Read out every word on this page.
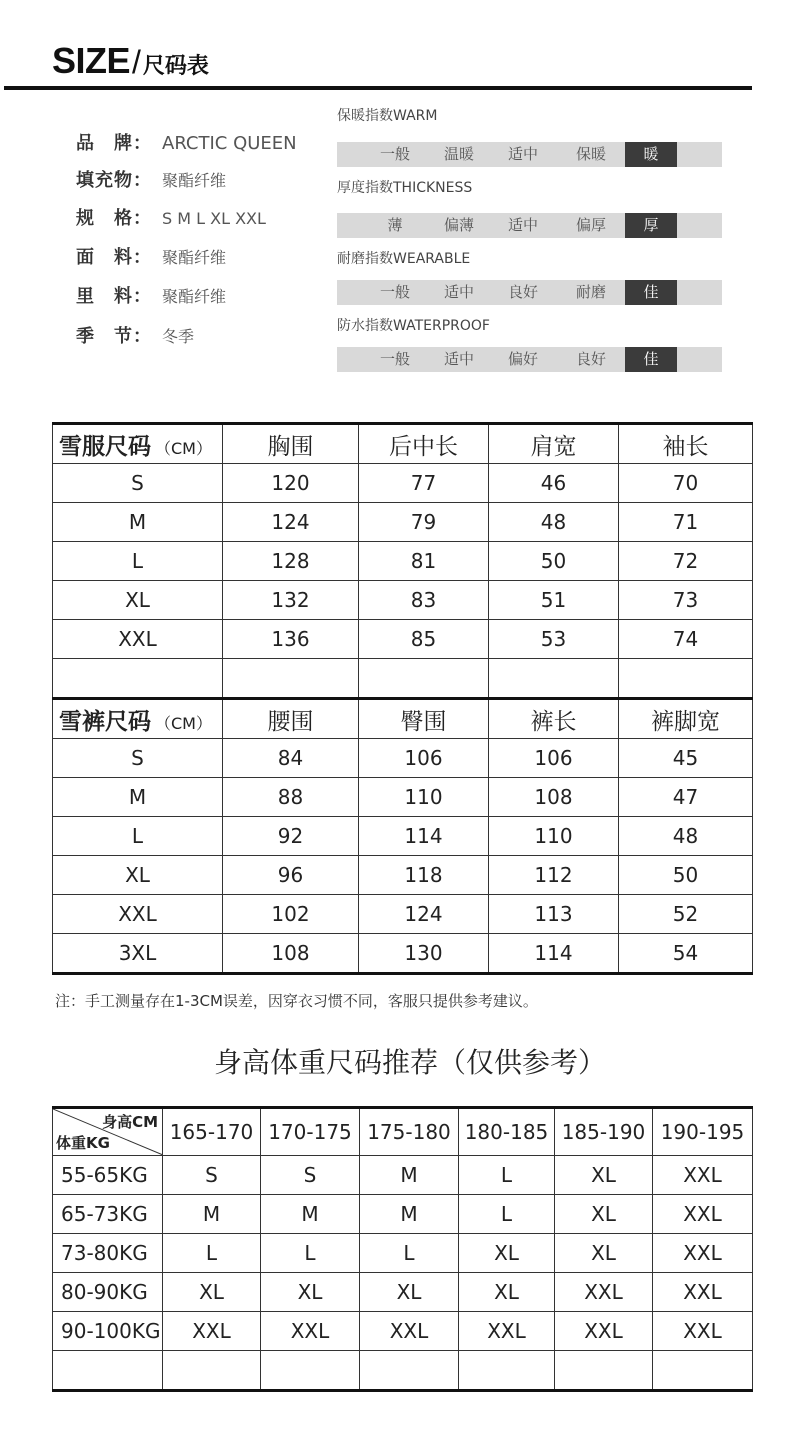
SIZE/尺码表
品　牌： ARCTIC QUEEN
填充物： 聚酯纤维
规　格： S M L XL XXL
面　料： 聚酯纤维
里　料： 聚酯纤维
季　节： 冬季
保暖指数WARM
一般	温暖	适中	保暖	暖
厚度指数THICKNESS
薄	偏薄	适中	偏厚	厚
耐磨指数WEARABLE
一般	适中	良好	耐磨	佳
防水指数WATERPROOF
一般	适中	偏好	良好	佳
雪服尺码 （CM）	胸围	后中长	肩宽	袖长
S	120	77	46	70
M	124	79	48	71
L	128	81	50	72
XL	132	83	51	73
XXL	136	85	53	74

雪裤尺码 （CM）	腰围	臀围	裤长	裤脚宽
S	84	106	106	45
M	88	110	108	47
L	92	114	110	48
XL	96	118	112	50
XXL	102	124	113	52
3XL	108	130	114	54
注：手工测量存在1-3CM误差，因穿衣习惯不同，客服只提供参考建议。
身高体重尺码推荐（仅供参考）
身高CM
体重KG	165-170	170-175	175-180	180-185	185-190	190-195
55-65KG	S	S	M	L	XL	XXL
65-73KG	M	M	M	L	XL	XXL
73-80KG	L	L	L	XL	XL	XXL
80-90KG	XL	XL	XL	XL	XXL	XXL
90-100KG	XXL	XXL	XXL	XXL	XXL	XXL
